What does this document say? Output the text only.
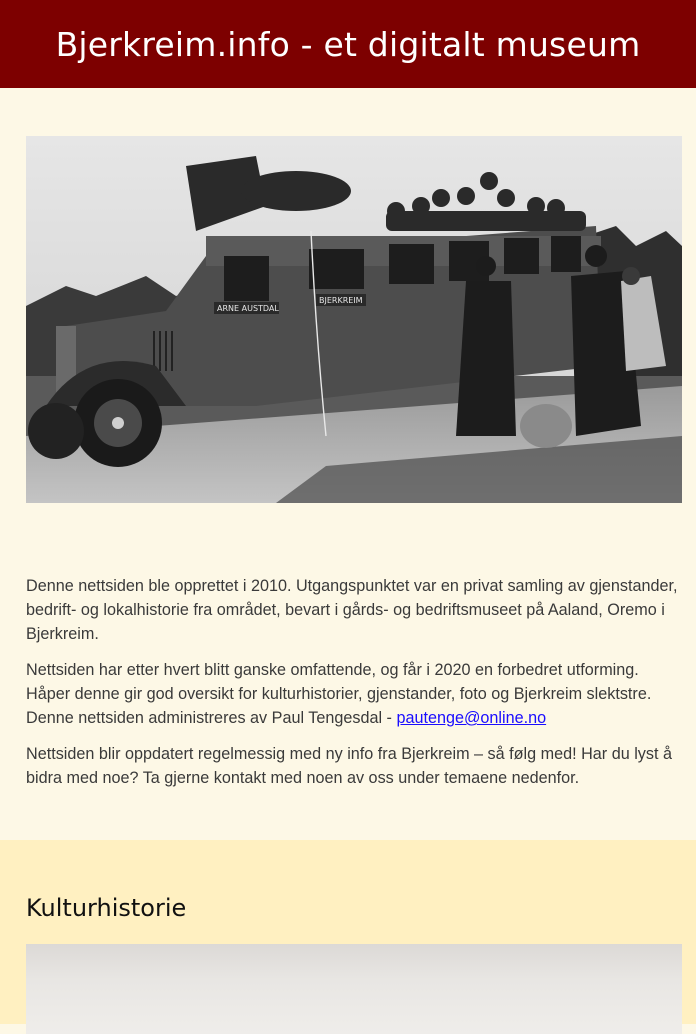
Bjerkreim.info - et digitalt museum
ARNE AUSTDAL
BJERKREIM

Denne nettsiden ble opprettet i 2010. Utgangspunktet var en privat samling av gjenstander, bedrift- og lokalhistorie fra området, bevart i gårds- og bedriftsmuseet på Aaland, Oremo i Bjerkreim.

Nettsiden har etter hvert blitt ganske omfattende, og får i 2020 en forbedret utforming. Håper denne gir god oversikt for kulturhistorier, gjenstander, foto og Bjerkreim slektstre. Denne nettsiden administreres av Paul Tengesdal - pautenge@online.no

Nettsiden blir oppdatert regelmessig med ny info fra Bjerkreim – så følg med! Har du lyst å bidra med noe? Ta gjerne kontakt med noen av oss under temaene nedenfor.

Kulturhistorie
